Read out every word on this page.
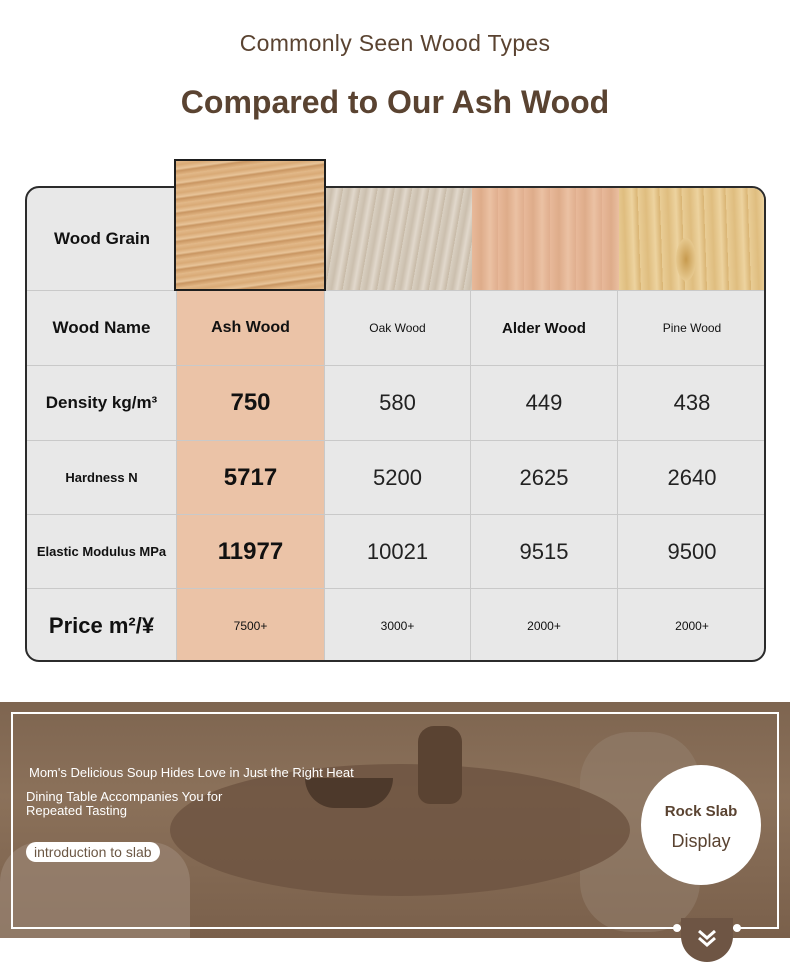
Commonly Seen Wood Types
Compared to Our Ash Wood
Wood Grain
Wood Name	Ash Wood	Oak Wood	Alder Wood	Pine Wood
Density kg/m³	750	580	449	438
Hardness N	5717	5200	2625	2640
Elastic Modulus MPa	11977	10021	9515	9500
Price m²/¥	7500+	3000+	2000+	2000+
Mom's Delicious Soup Hides Love in Just the Right Heat
Dining Table Accompanies You for Repeated Tasting
introduction to slab
Rock Slab
Display
